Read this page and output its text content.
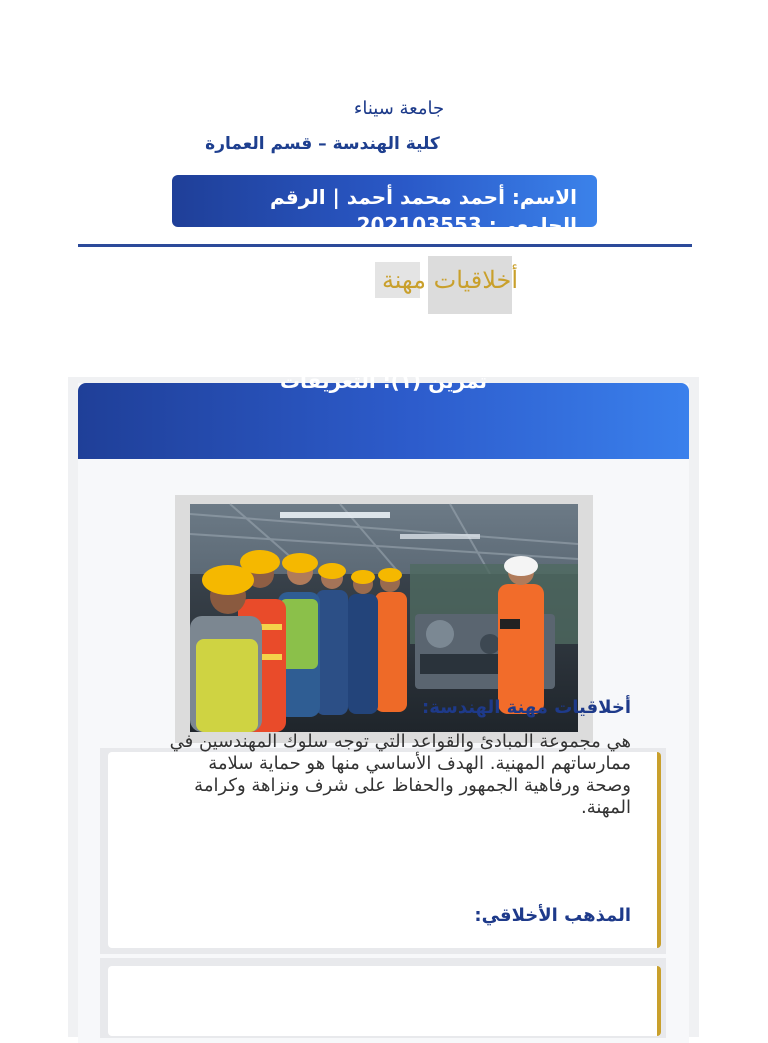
جامعة سيناء
كلية الهندسة – قسم العمارة
الاسم: أحمد محمد أحمد | الرقم الجامعي: 202103553
أخلاقيات مهنة
تمرين (١): التعريفات
أخلاقيات مهنة الهندسة:
هي مجموعة المبادئ والقواعد التي توجه سلوك المهندسين في ممارساتهم المهنية. الهدف الأساسي منها هو حماية سلامة وصحة ورفاهية الجمهور والحفاظ على شرف ونزاهة وكرامة المهنة.
المذهب الأخلاقي:
